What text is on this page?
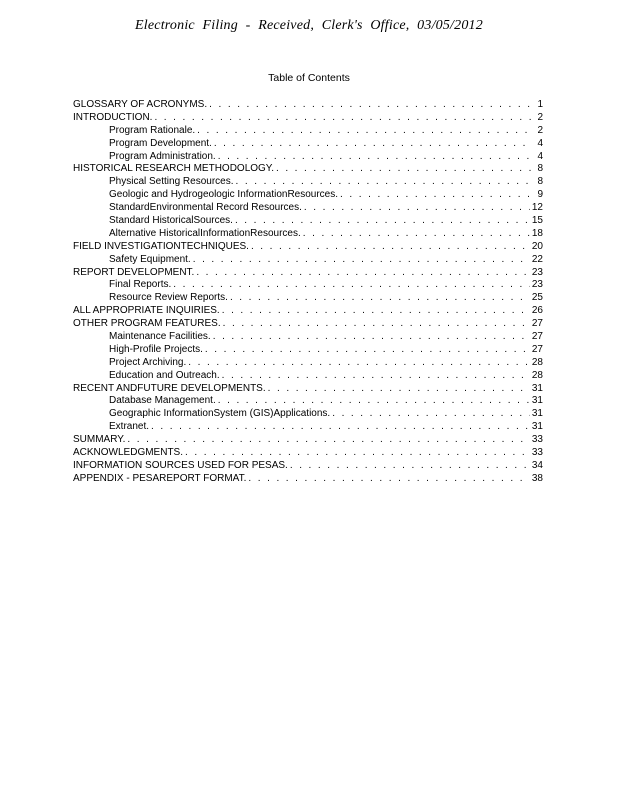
Electronic Filing - Received, Clerk's Office, 03/05/2012
Table of Contents
GLOSSARY OF ACRONYMS. . . .	1
INTRODUCTION. . . .	2
Program Rationale. . . .	2
Program Development. . . .	4
Program Administration. . . .	4
HISTORICAL RESEARCH METHODOLOGY. . . .	8
Physical Setting Resources. . . .	8
Geologic and Hydrogeologic InformationResources. . . .	9
StandardEnvironmental Record Resources. . . .	12
Standard HistoricalSources. . . .	15
Alternative HistoricalInformationResources. . . .	18
FIELD INVESTIGATIONTECHNIQUES. . . .	20
Safety Equipment. . . .	22
REPORT DEVELOPMENT. . . .	23
Final Reports. . . .	23
Resource Review Reports. . . .	25
ALL APPROPRIATE INQUIRIES. . . .	26
OTHER PROGRAM FEATURES. . . .	27
Maintenance Facilities. . . .	27
High-Profile Projects. . . .	27
Project Archiving. . . .	28
Education and Outreach. . . .	28
RECENT ANDFUTURE DEVELOPMENTS. . . .	31
Database Management. . . .	31
Geographic InformationSystem (GIS)Applications. . . .	31
Extranet. . . .	31
SUMMARY. . . .	33
ACKNOWLEDGMENTS. . . .	33
INFORMATION SOURCES USED FOR PESAS. . . .	34
APPENDIX - PESAREPORT FORMAT. . . .	38
